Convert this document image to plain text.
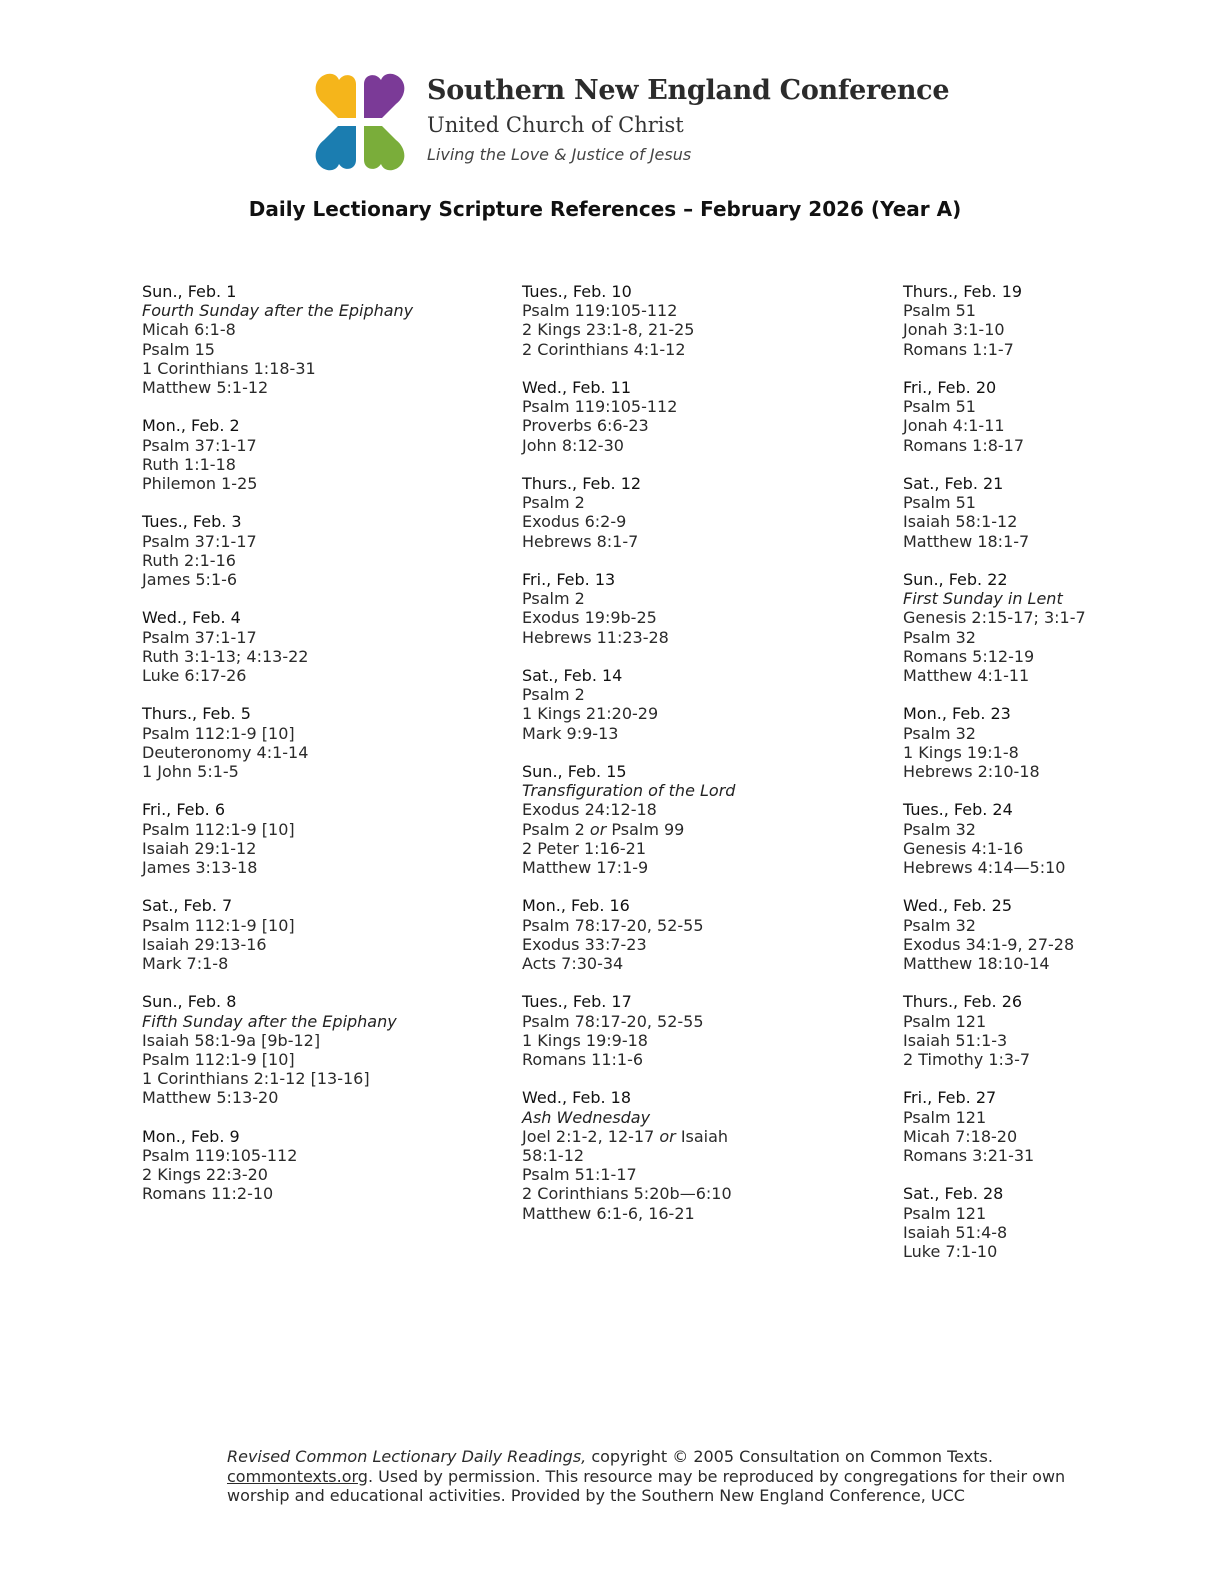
Southern New England Conference
United Church of Christ
Living the Love & Justice of Jesus
Daily Lectionary Scripture References – February 2026 (Year A)
Sun., Feb. 1
Fourth Sunday after the Epiphany
Micah 6:1-8
Psalm 15
1 Corinthians 1:18-31
Matthew 5:1-12
Mon., Feb. 2
Psalm 37:1-17
Ruth 1:1-18
Philemon 1-25
Tues., Feb. 3
Psalm 37:1-17
Ruth 2:1-16
James 5:1-6
Wed., Feb. 4
Psalm 37:1-17
Ruth 3:1-13; 4:13-22
Luke 6:17-26
Thurs., Feb. 5
Psalm 112:1-9 [10]
Deuteronomy 4:1-14
1 John 5:1-5
Fri., Feb. 6
Psalm 112:1-9 [10]
Isaiah 29:1-12
James 3:13-18
Sat., Feb. 7
Psalm 112:1-9 [10]
Isaiah 29:13-16
Mark 7:1-8
Sun., Feb. 8
Fifth Sunday after the Epiphany
Isaiah 58:1-9a [9b-12]
Psalm 112:1-9 [10]
1 Corinthians 2:1-12 [13-16]
Matthew 5:13-20
Mon., Feb. 9
Psalm 119:105-112
2 Kings 22:3-20
Romans 11:2-10
Tues., Feb. 10
Psalm 119:105-112
2 Kings 23:1-8, 21-25
2 Corinthians 4:1-12
Wed., Feb. 11
Psalm 119:105-112
Proverbs 6:6-23
John 8:12-30
Thurs., Feb. 12
Psalm 2
Exodus 6:2-9
Hebrews 8:1-7
Fri., Feb. 13
Psalm 2
Exodus 19:9b-25
Hebrews 11:23-28
Sat., Feb. 14
Psalm 2
1 Kings 21:20-29
Mark 9:9-13
Sun., Feb. 15
Transfiguration of the Lord
Exodus 24:12-18
Psalm 2 or Psalm 99
2 Peter 1:16-21
Matthew 17:1-9
Mon., Feb. 16
Psalm 78:17-20, 52-55
Exodus 33:7-23
Acts 7:30-34
Tues., Feb. 17
Psalm 78:17-20, 52-55
1 Kings 19:9-18
Romans 11:1-6
Wed., Feb. 18
Ash Wednesday
Joel 2:1-2, 12-17 or Isaiah
58:1-12
Psalm 51:1-17
2 Corinthians 5:20b—6:10
Matthew 6:1-6, 16-21
Thurs., Feb. 19
Psalm 51
Jonah 3:1-10
Romans 1:1-7
Fri., Feb. 20
Psalm 51
Jonah 4:1-11
Romans 1:8-17
Sat., Feb. 21
Psalm 51
Isaiah 58:1-12
Matthew 18:1-7
Sun., Feb. 22
First Sunday in Lent
Genesis 2:15-17; 3:1-7
Psalm 32
Romans 5:12-19
Matthew 4:1-11
Mon., Feb. 23
Psalm 32
1 Kings 19:1-8
Hebrews 2:10-18
Tues., Feb. 24
Psalm 32
Genesis 4:1-16
Hebrews 4:14—5:10
Wed., Feb. 25
Psalm 32
Exodus 34:1-9, 27-28
Matthew 18:10-14
Thurs., Feb. 26
Psalm 121
Isaiah 51:1-3
2 Timothy 1:3-7
Fri., Feb. 27
Psalm 121
Micah 7:18-20
Romans 3:21-31
Sat., Feb. 28
Psalm 121
Isaiah 51:4-8
Luke 7:1-10
Revised Common Lectionary Daily Readings, copyright © 2005 Consultation on Common Texts.
commontexts.org. Used by permission. This resource may be reproduced by congregations for their own worship and educational activities. Provided by the Southern New England Conference, UCC
